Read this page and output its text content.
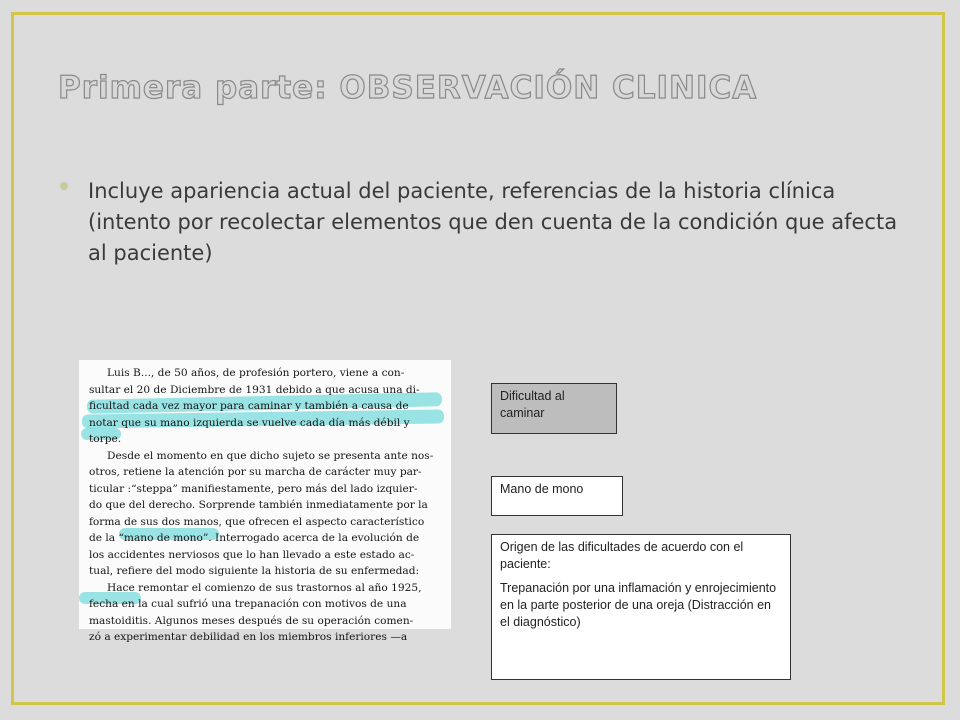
Primera parte: OBSERVACIÓN CLINICA
Incluye apariencia actual del paciente, referencias de la historia clínica (intento por recolectar elementos que den cuenta de la condición que afecta al paciente)
Luis B..., de 50 años, de profesión portero, viene a con-
sultar el 20 de Diciembre de 1931 debido a que acusa una di-
ficultad cada vez mayor para caminar y también a causa de
notar que su mano izquierda se vuelve cada día más débil y
torpe.
Desde el momento en que dicho sujeto se presenta ante nos-
otros, retiene la atención por su marcha de carácter muy par-
ticular :“steppa” manifiestamente, pero más del lado izquier-
do que del derecho. Sorprende también inmediatamente por la
forma de sus dos manos, que ofrecen el aspecto característico
de la “mano de mono”. Interrogado acerca de la evolución de
los accidentes nerviosos que lo han llevado a este estado ac-
tual, refiere del modo siguiente la historia de su enfermedad:
Hace remontar el comienzo de sus trastornos al año 1925,
fecha en la cual sufrió una trepanación con motivos de una
mastoiditis. Algunos meses después de su operación comen-
zó a experimentar debilidad en los miembros inferiores —a
Dificultad al caminar
Mano de mono

Origen de las dificultades de acuerdo con el paciente:

Trepanación por una inflamación y enrojecimiento en la parte posterior de una oreja (Distracción en el diagnóstico)
